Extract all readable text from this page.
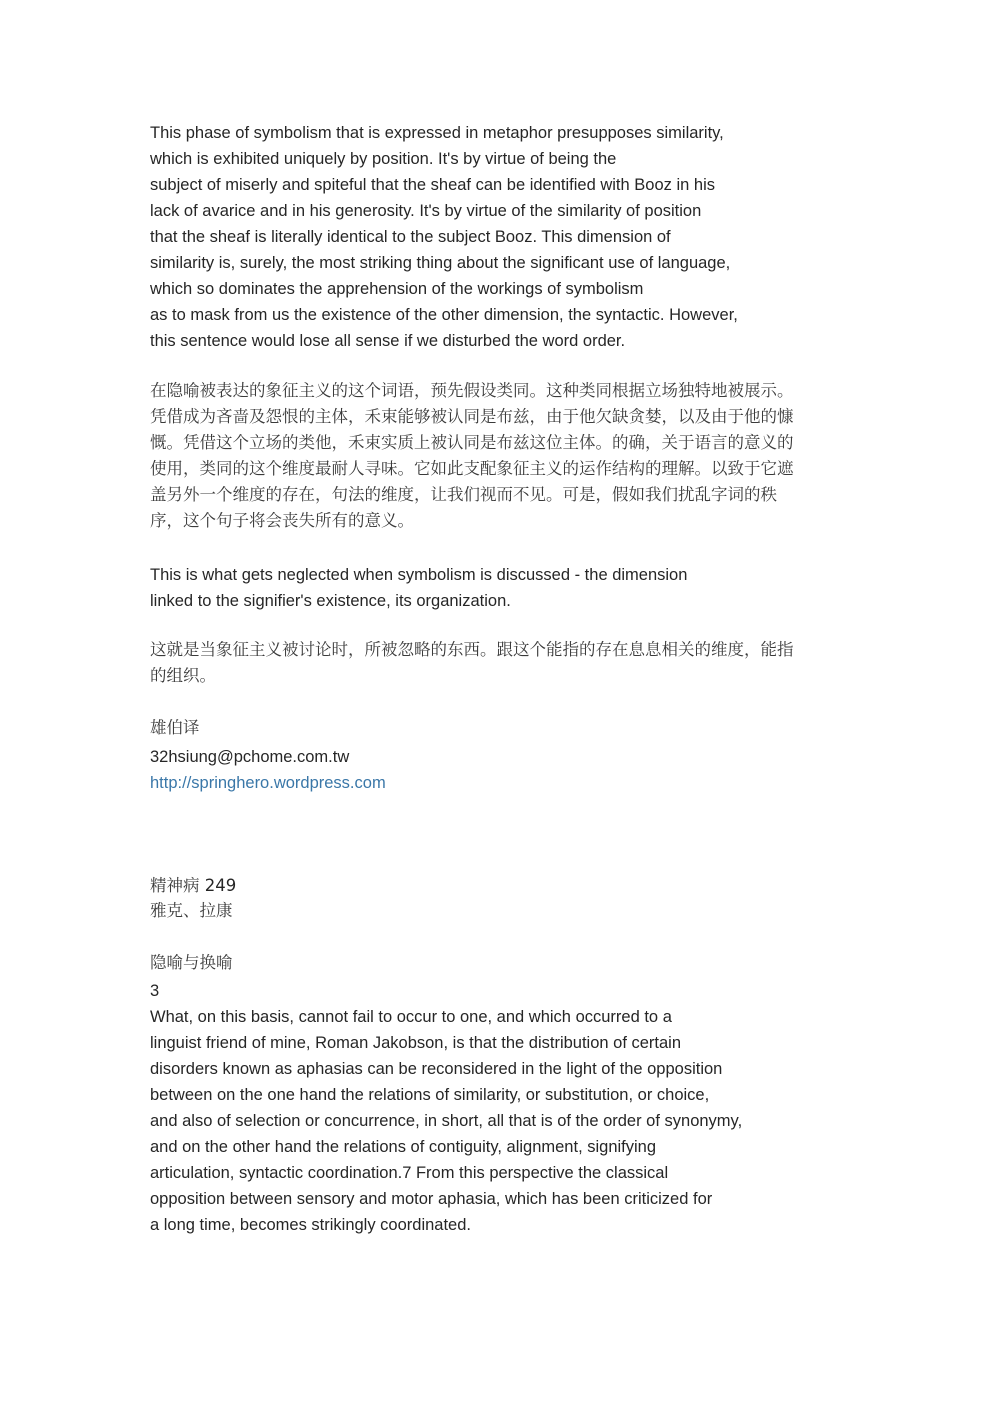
This phase of symbolism that is expressed in metaphor presupposes similarity,
which is exhibited uniquely by position. It's by virtue of being the
subject of miserly and spiteful that the sheaf can be identified with Booz in his
lack of avarice and in his generosity. It's by virtue of the similarity of position
that the sheaf is literally identical to the subject Booz. This dimension of
similarity is, surely, the most striking thing about the significant use of language,
which so dominates the apprehension of the workings of symbolism
as to mask from us the existence of the other dimension, the syntactic. However,
this sentence would lose all sense if we disturbed the word order.
在隐喻被表达的象征主义的这个词语，预先假设类同。这种类同根据立场独特地被展示。
凭借成为吝啬及怨恨的主体，禾束能够被认同是布兹，由于他欠缺贪婪，以及由于他的慷
慨。凭借这个立场的类他，禾束实质上被认同是布兹这位主体。的确，关于语言的意义的
使用，类同的这个维度最耐人寻味。它如此支配象征主义的运作结构的理解。以致于它遮
盖另外一个维度的存在，句法的维度，让我们视而不见。可是，假如我们扰乱字词的秩
序，这个句子将会丧失所有的意义。
This is what gets neglected when symbolism is discussed - the dimension
linked to the signifier's existence, its organization.
这就是当象征主义被讨论时，所被忽略的东西。跟这个能指的存在息息相关的维度，能指
的组织。
雄伯译
32hsiung@pchome.com.tw
http://springhero.wordpress.com
精神病 249
雅克、拉康
隐喻与换喻
3
What, on this basis, cannot fail to occur to one, and which occurred to a
linguist friend of mine, Roman Jakobson, is that the distribution of certain
disorders known as aphasias can be reconsidered in the light of the opposition
between on the one hand the relations of similarity, or substitution, or choice,
and also of selection or concurrence, in short, all that is of the order of synonymy,
and on the other hand the relations of contiguity, alignment, signifying
articulation, syntactic coordination.7 From this perspective the classical
opposition between sensory and motor aphasia, which has been criticized for
a long time, becomes strikingly coordinated.
